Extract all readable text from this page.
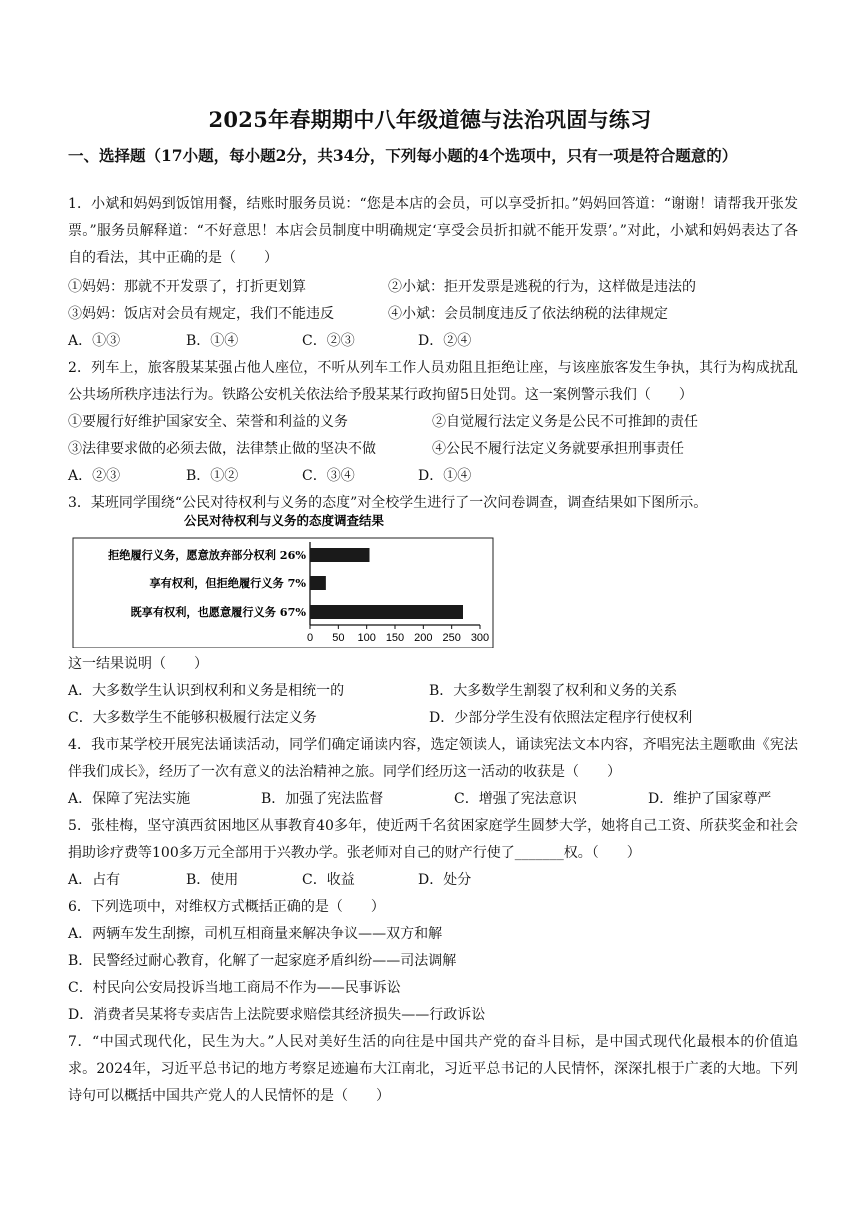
2025年春期期中八年级道德与法治巩固与练习
一、选择题（17小题，每小题2分，共34分，下列每小题的4个选项中，只有一项是符合题意的）
1．小斌和妈妈到饭馆用餐，结账时服务员说：“您是本店的会员，可以享受折扣。”妈妈回答道：“谢谢！请帮我开张发票。”服务员解释道：“不好意思！本店会员制度中明确规定‘享受会员折扣就不能开发票’。”对此，小斌和妈妈表达了各自的看法，其中正确的是（　　）
①妈妈：那就不开发票了，打折更划算	②小斌：拒开发票是逃税的行为，这样做是违法的
③妈妈：饭店对会员有规定，我们不能违反	④小斌：会员制度违反了依法纳税的法律规定
A．①③	B．①④	C．②③	D．②④
2．列车上，旅客殷某某强占他人座位，不听从列车工作人员劝阻且拒绝让座，与该座旅客发生争执，其行为构成扰乱公共场所秩序违法行为。铁路公安机关依法给予殷某某行政拘留5日处罚。这一案例警示我们（　　）
①要履行好维护国家安全、荣誉和利益的义务	②自觉履行法定义务是公民不可推卸的责任
③法律要求做的必须去做，法律禁止做的坚决不做	④公民不履行法定义务就要承担刑事责任
A．②③	B．①②	C．③④	D．①④
3．某班同学围绕“公民对待权利与义务的态度”对全校学生进行了一次问卷调查，调查结果如下图所示。
公民对待权利与义务的态度调查结果
拒绝履行义务，愿意放弃部分权利 26%
享有权利，但拒绝履行义务 7%
既享有权利，也愿意履行义务 67%
0 50 100 150 200 250 300
这一结果说明（　　）
A．大多数学生认识到权利和义务是相统一的	B．大多数学生割裂了权利和义务的关系
C．大多数学生不能够积极履行法定义务	D．少部分学生没有依照法定程序行使权利
4．我市某学校开展宪法诵读活动，同学们确定诵读内容，选定领读人，诵读宪法文本内容，齐唱宪法主题歌曲《宪法伴我们成长》，经历了一次有意义的法治精神之旅。同学们经历这一活动的收获是（　　）
A．保障了宪法实施	B．加强了宪法监督	C．增强了宪法意识	D．维护了国家尊严
5．张桂梅，坚守滇西贫困地区从事教育40多年，使近两千名贫困家庭学生圆梦大学，她将自己工资、所获奖金和社会捐助诊疗费等100多万元全部用于兴教办学。张老师对自己的财产行使了_______权。（　　）
A．占有	B．使用	C．收益	D．处分
6．下列选项中，对维权方式概括正确的是（　　）
A．两辆车发生刮擦，司机互相商量来解决争议——双方和解
B．民警经过耐心教育，化解了一起家庭矛盾纠纷——司法调解
C．村民向公安局投诉当地工商局不作为——民事诉讼
D．消费者吴某将专卖店告上法院要求赔偿其经济损失——行政诉讼
7．“中国式现代化，民生为大。”人民对美好生活的向往是中国共产党的奋斗目标，是中国式现代化最根本的价值追求。2024年，习近平总书记的地方考察足迹遍布大江南北，习近平总书记的人民情怀，深深扎根于广袤的大地。下列诗句可以概括中国共产党人的人民情怀的是（　　）
